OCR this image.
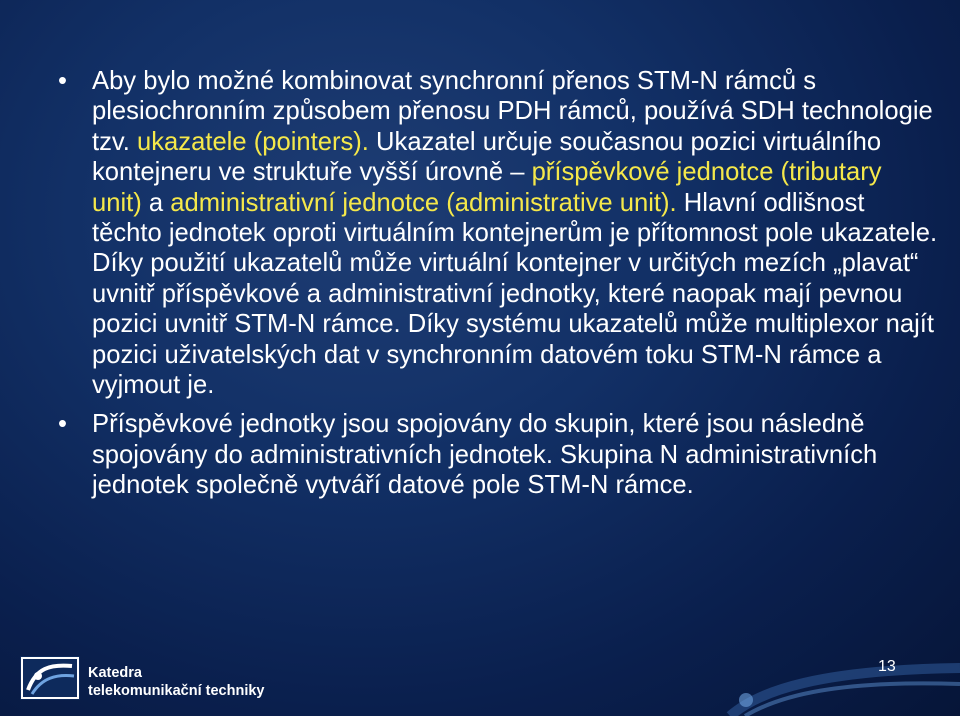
• Aby bylo možné kombinovat synchronní přenos STM-N rámců s plesiochronním způsobem přenosu PDH rámců, používá SDH technologie tzv. ukazatele (pointers). Ukazatel určuje současnou pozici virtuálního kontejneru ve struktuře vyšší úrovně – příspěvkové jednotce (tributary unit) a administrativní jednotce (administrative unit). Hlavní odlišnost těchto jednotek oproti virtuálním kontejnerům je přítomnost pole ukazatele. Díky použití ukazatelů může virtuální kontejner v určitých mezích „plavat“ uvnitř příspěvkové a administrativní jednotky, které naopak mají pevnou pozici uvnitř STM-N rámce. Díky systému ukazatelů může multiplexor najít pozici uživatelských dat v synchronním datovém toku STM-N rámce a vyjmout je.
• Příspěvkové jednotky jsou spojovány do skupin, které jsou následně spojovány do administrativních jednotek. Skupina N administrativních jednotek společně vytváří datové pole STM-N rámce.
Katedra
telekomunikační techniky
13
